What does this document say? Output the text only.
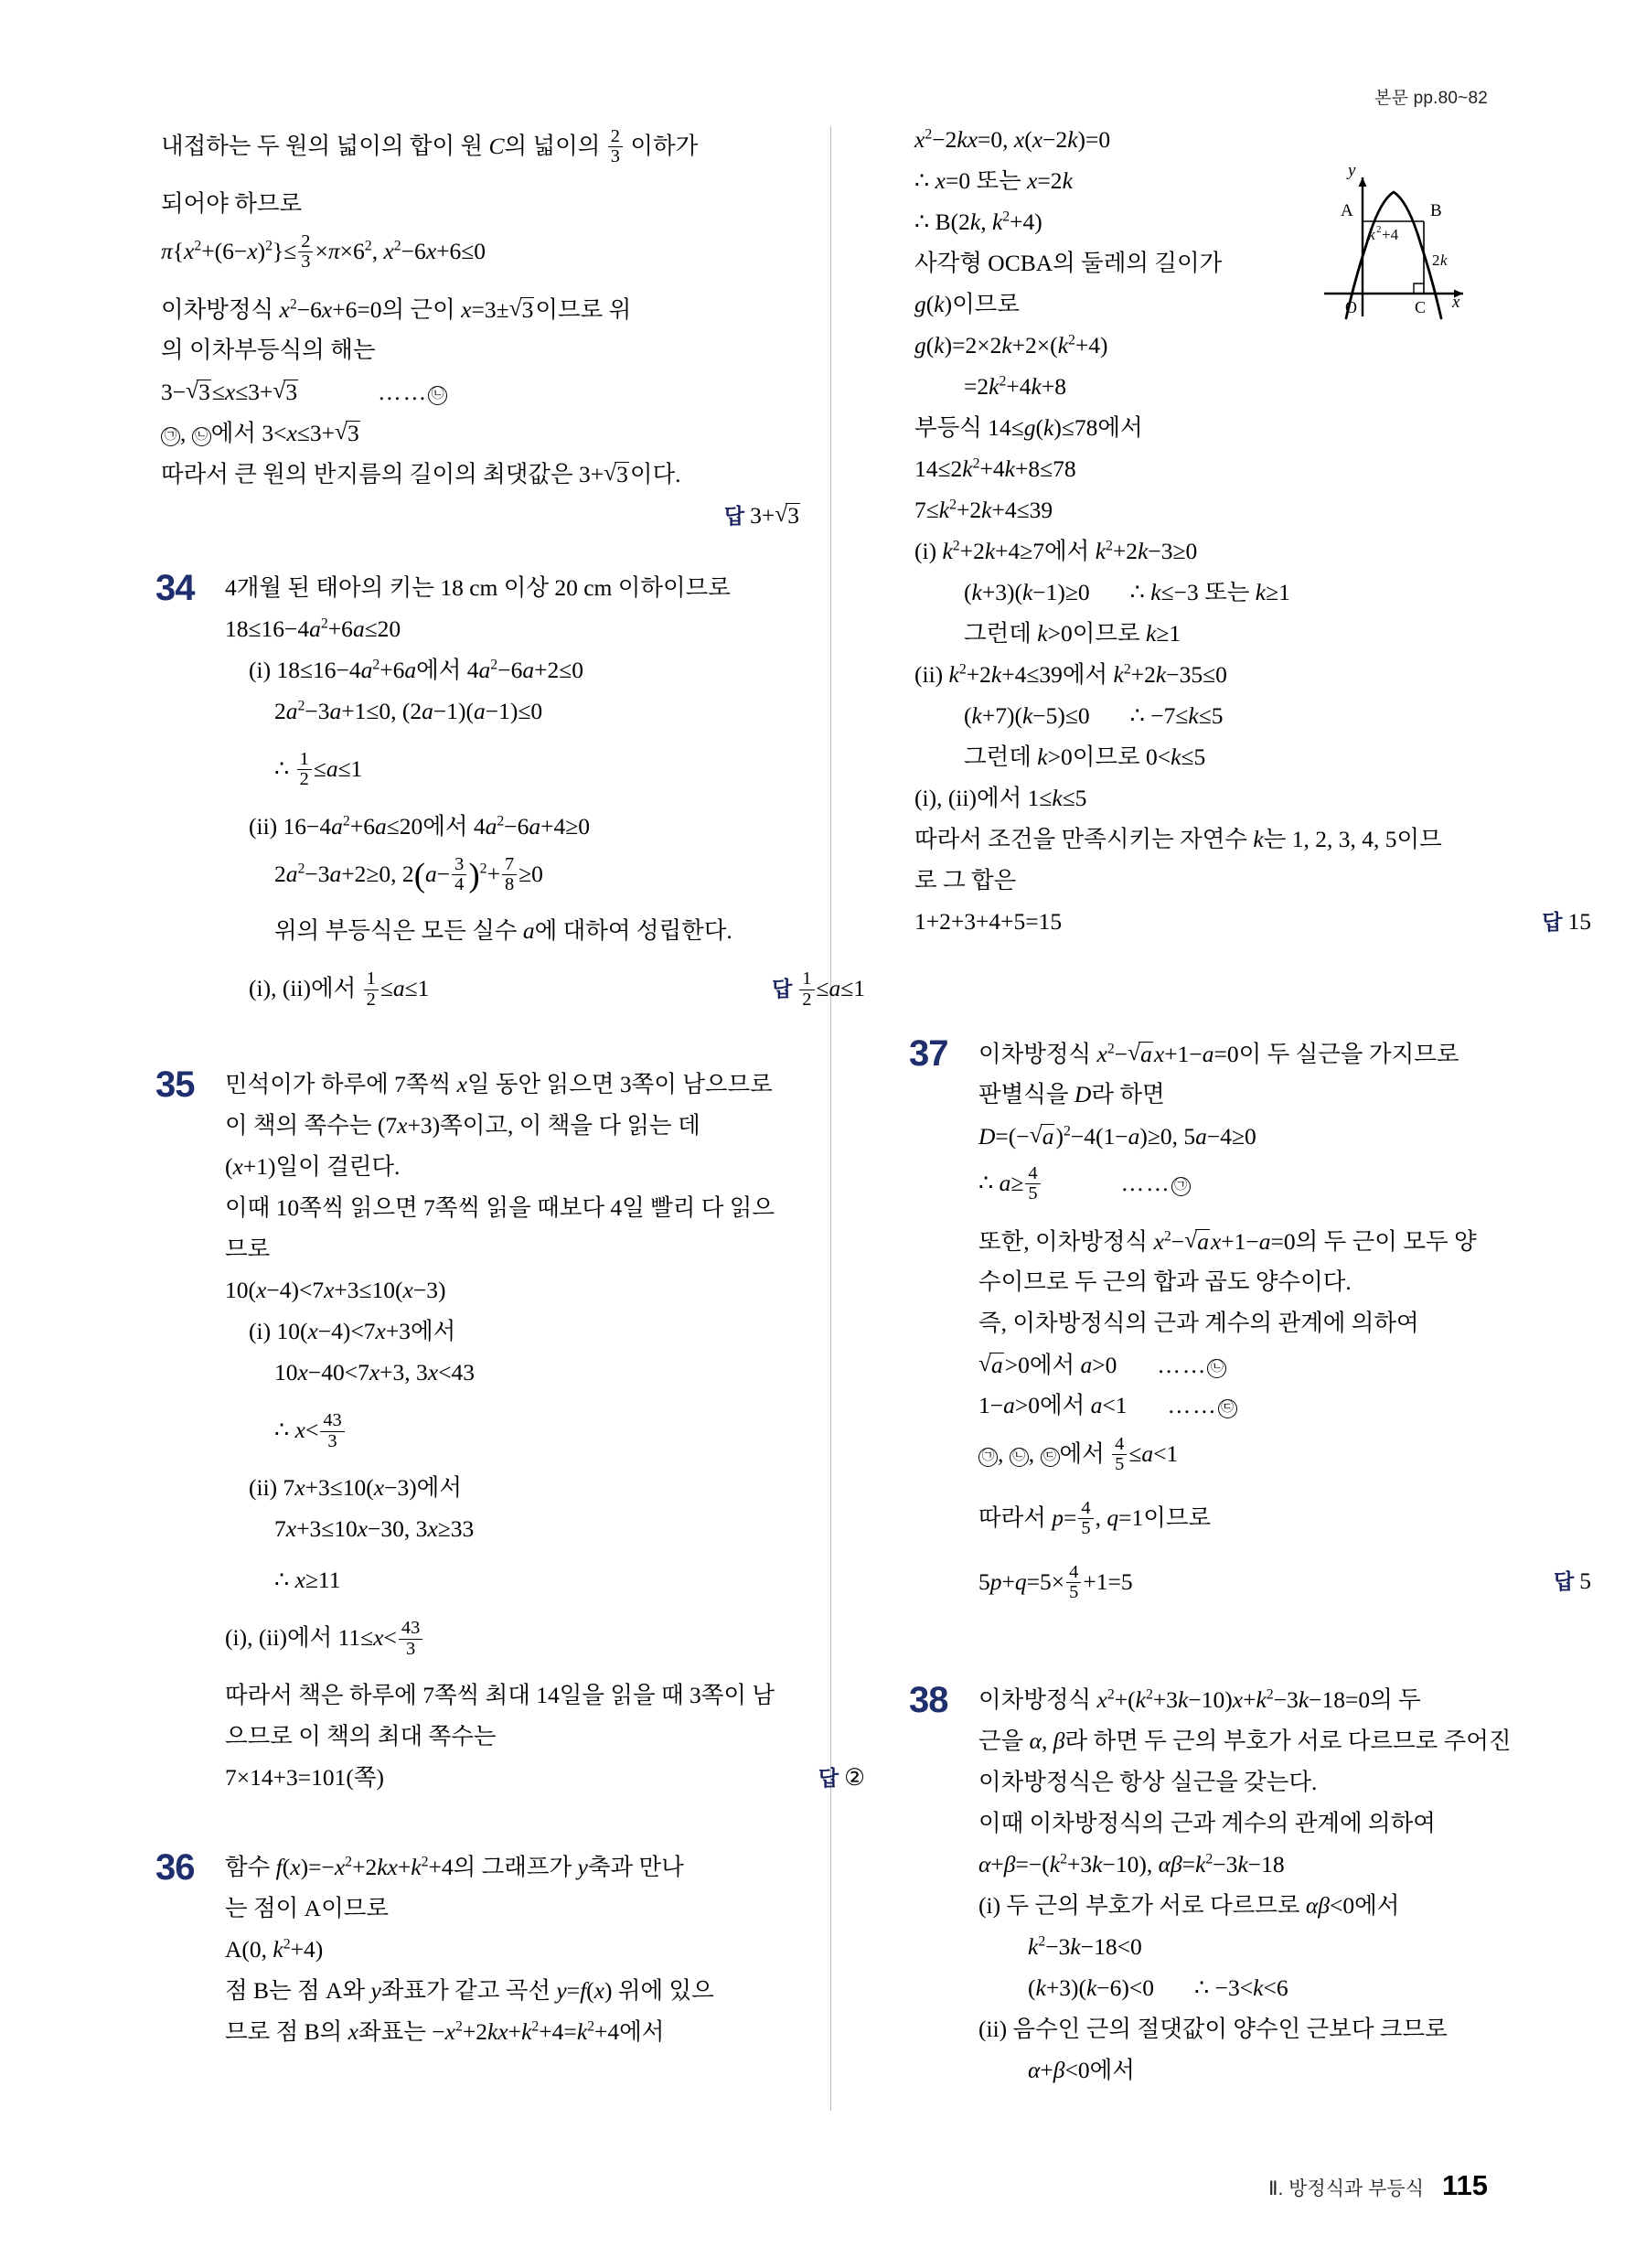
본문 pp.80~82
내접하는 두 원의 넓이의 합이 원 C의 넓이의 $\frac{2}{3}$ 이하가
되어야 하므로
$\pi\{x^2+(6-x)^2\}\le \frac{2}{3} \times\pi\times 6^2$, $x^2-6x+6\le 0$
이차방정식 $x^2-6x+6=0$의 근이 x=3± √ 3이므로 위
의 이차부등식의 해는
3− √ 3≤x≤3+ √ 3	…… ㉡
㉠ , ㉡ 에서 3<x≤3+ √ 3
따라서 큰 원의 반지름의 길이의 최댓값은 3+ √ 3이다.
답 3+ √ 3
34 4개월 된 태아의 키는 18 cm 이상 20 cm 이하이므로
$18\le 16-4a^2+6a\le 20$
(i) $18\le 16-4a^2+6a$에서 $4a^2-6a+2\le 0$
$2a^2-3a+1\le 0$, (2a−1)(a−1)≤0
∴ $\frac{1}{2} \le a\le 1$
(ii) $16-4a^2+6a\le 20$에서 $4a^2-6a+4\ge 0$
$2a^2-3a+2\ge 0$, $2(a- \frac{3}{4} )^2+ \frac{7}{8} \ge 0$
위의 부등식은 모든 실수 a에 대하여 성립한다.
(i), (ii)에서 $\frac{1}{2} \le a\le 1$	답 $\frac{1}{2} \le a\le 1$
35 민석이가 하루에 7쪽씩 x일 동안 읽으면 3쪽이 남으므로
이 책의 쪽수는 (7x+3)쪽이고, 이 책을 다 읽는 데
(x+1)일이 걸린다.
이때 10쪽씩 읽으면 7쪽씩 읽을 때보다 4일 빨리 다 읽으
므로
10(x−4)<7x+3≤10(x−3)
(i) 10(x−4)<7x+3에서
10x−40<7x+3, 3x<43
∴ $x< \frac{43}{3}$
(ii) 7x+3≤10(x−3)에서
7x+3≤10x−30, 3x≥33
∴ x≥11
(i), (ii)에서 $11\le x< \frac{43}{3}$
따라서 책은 하루에 7쪽씩 최대 14일을 읽을 때 3쪽이 남
으므로 이 책의 최대 쪽수는
7×14+3=101(쪽)	답 ②
36 함수 $f(x)=-x^2+2kx+k^2+4$의 그래프가 y축과 만나
는 점이 A이므로
A(0, $k^2+4$)
점 B는 점 A와 y좌표가 같고 곡선 y=f(x) 위에 있으
므로 점 B의 x좌표는 $-x^2+2kx+k^2+4=k^2+4$에서
$x^2-2kx=0$, x(x−2k)=0
∴ x=0 또는 x=2k
∴ B(2k, $k^2+4$)
사각형 OCBA의 둘레의 길이가
g(k)이므로
$g(k)=2\times 2k+2\times(k^2+4)$
$=2k^2+4k+8$
부등식 14≤g(k)≤78에서
$14\le 2k^2+4k+8\le 78$
$7\le k^2+2k+4\le 39$
(i) $k^2+2k+4\ge 7$에서 $k^2+2k-3\ge 0$
(k+3)(k−1)≥0 ∴ k≤−3 또는 k≥1
그런데 k>0이므로 k≥1
(ii) $k^2+2k+4\le 39$에서 $k^2+2k-35\le 0$
(k+7)(k−5)≤0 ∴ −7≤k≤5
그런데 k>0이므로 0<k≤5
(i), (ii)에서 1≤k≤5
따라서 조건을 만족시키는 자연수 k는 1, 2, 3, 4, 5이므
로 그 합은
1+2+3+4+5=15	답 15
37 이차방정식 $x^2-$ √ ax+1−a=0이 두 실근을 가지므로
판별식을 D라 하면
D=(− √ a)$^2$−4(1−a)≥0, 5a−4≥0
∴ $a\ge \frac{4}{5}$	…… ㉠
또한, 이차방정식 $x^2-$ √ ax+1−a=0의 두 근이 모두 양
수이므로 두 근의 합과 곱도 양수이다.
즉, 이차방정식의 근과 계수의 관계에 의하여
√ a>0에서 a>0 …… ㉡
1−a>0에서 a<1 …… ㉢
㉠ , ㉡ , ㉢ 에서 $\frac{4}{5} \le a<1$
따라서 $p= \frac{4}{5}$ , q=1이므로
$5p+q=5\times \frac{4}{5} +1=5$	답 5
38 이차방정식 $x^2+(k^2+3k-10)x+k^2-3k-18=0$의 두
근을 α, β라 하면 두 근의 부호가 서로 다르므로 주어진
이차방정식은 항상 실근을 갖는다.
이때 이차방정식의 근과 계수의 관계에 의하여
$\alpha+\beta=-(k^2+3k-10)$, $\alpha\beta=k^2-3k-18$
(i) 두 근의 부호가 서로 다르므로 αβ<0에서
$k^2-3k-18<0$
(k+3)(k−6)<0 ∴ −3<k<6
(ii) 음수인 근의 절댓값이 양수인 근보다 크므로
α+β<0에서
A	B
O	C x
y
k 2 +4
2 k
Ⅱ. 방정식과 부등식 115
